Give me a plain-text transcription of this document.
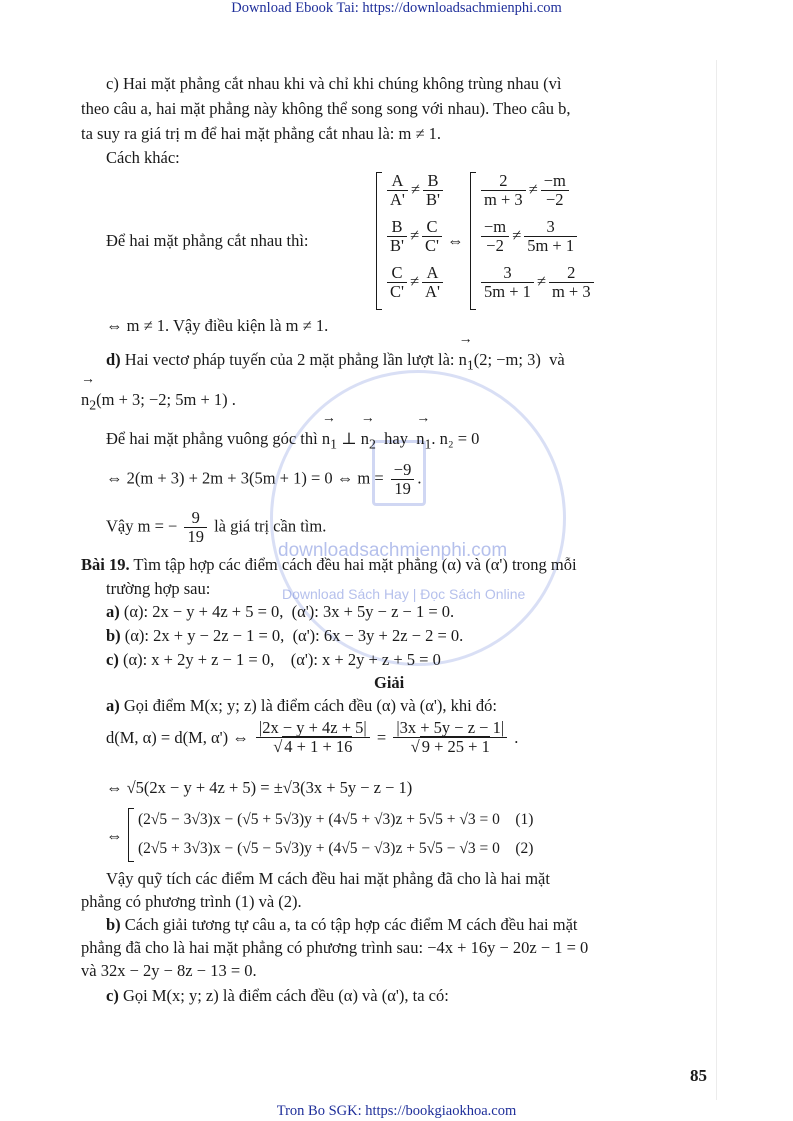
Download Ebook Tai: https://downloadsachmienphi.com
downloadsachmienphi.com
Download Sách Hay | Đọc Sách Online
c) Hai mặt phẳng cắt nhau khi và chỉ khi chúng không trùng nhau (vì
theo câu a, hai mặt phẳng này không thể song song với nhau). Theo câu b,
ta suy ra giá trị m để hai mặt phẳng cắt nhau là: m ≠ 1.
Cách khác:
Để hai mặt phẳng cắt nhau thì:
$\frac{A}{A'} \ne \frac{B}{B'}$
$\frac{B}{B'} \ne \frac{C}{C'}$
$\frac{C}{C'} \ne \frac{A}{A'}$
⇔
$\frac{2}{m + 3} \ne \frac{-m}{-2}$
$\frac{-m}{-2} \ne \frac{3}{5m + 1}$
$\frac{3}{5m + 1} \ne \frac{2}{m + 3}$
⇔ m ≠ 1. Vậy điều kiện là m ≠ 1.
d) Hai vectơ pháp tuyến của 2 mặt phẳng lần lượt là: → $n_1(2$; −m; 3) và
→ $n_2(m + 3$; −2; 5m + 1) .
Để hai mặt phẳng vuông góc thì → $n_1$ ⊥ → $n_2$ hay → $n_1$. n₂ = 0
⇔ 2(m + 3) + 2m + 3(5m + 1) = 0 ⇔ $m = \frac{-9}{19}$ .
Vậy m = − $\frac{9}{19}$ là giá trị cần tìm.
Bài 19. Tìm tập hợp các điểm cách đều hai mặt phẳng (α) và (α') trong mỗi
trường hợp sau:
a) (α): 2x − y + 4z + 5 = 0, (α'): 3x + 5y − z − 1 = 0.
b) (α): 2x + y − 2z − 1 = 0, (α'): 6x − 3y + 2z − 2 = 0.
c) (α): x + 2y + z − 1 = 0, (α'): x + 2y + z + 5 = 0
Giải
a) Gọi điểm M(x; y; z) là điểm cách đều (α) và (α'), khi đó:
d(M, α) = d(M, α') ⇔ $\frac{|2x - y + 4z + 5|}{√ 4 + 1 + 16} = \frac{|3x + 5y - z - 1|}{√ 9 + 25 + 1}$ .
⇔ √5(2x − y + 4z + 5) = ±√3(3x + 5y − z − 1)
⇔
(2√5 − 3√3)x − (√5 + 5√3)y + (4√5 + √3)z + 5√5 + √3 = 0 (1)
(2√5 + 3√3)x − (√5 − 5√3)y + (4√5 − √3)z + 5√5 − √3 = 0 (2)
Vậy quỹ tích các điểm M cách đều hai mặt phẳng đã cho là hai mặt
phẳng có phương trình (1) và (2).
b) Cách giải tương tự câu a, ta có tập hợp các điểm M cách đều hai mặt
phẳng đã cho là hai mặt phẳng có phương trình sau: −4x + 16y − 20z − 1 = 0
và 32x − 2y − 8z − 13 = 0.
c) Gọi M(x; y; z) là điểm cách đều (α) và (α'), ta có:
85
Tron Bo SGK: https://bookgiaokhoa.com
